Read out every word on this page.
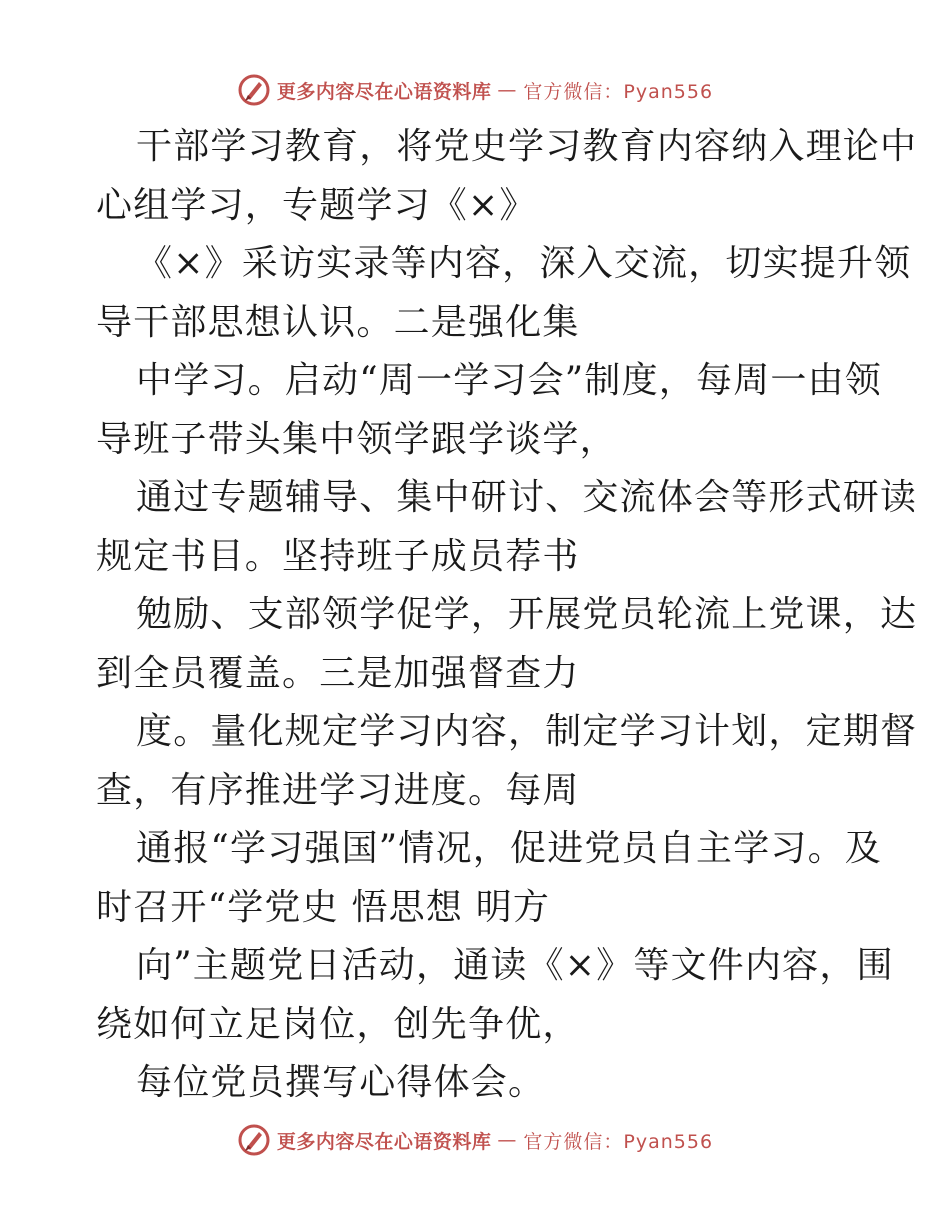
更多内容尽在心语资料库 — 官方微信：Pyan556
干部学习教育，将党史学习教育内容纳入理论中
心组学习，专题学习《×》
《×》采访实录等内容，深入交流，切实提升领
导干部思想认识。二是强化集
中学习。启动“周一学习会”制度，每周一由领
导班子带头集中领学跟学谈学，
通过专题辅导、集中研讨、交流体会等形式研读
规定书目。坚持班子成员荐书
勉励、支部领学促学，开展党员轮流上党课，达
到全员覆盖。三是加强督查力
度。量化规定学习内容，制定学习计划，定期督
查，有序推进学习进度。每周
通报“学习强国”情况，促进党员自主学习。及
时召开“学党史 悟思想 明方
向”主题党日活动，通读《×》等文件内容，围
绕如何立足岗位，创先争优，
每位党员撰写心得体会。
更多内容尽在心语资料库 — 官方微信：Pyan556
